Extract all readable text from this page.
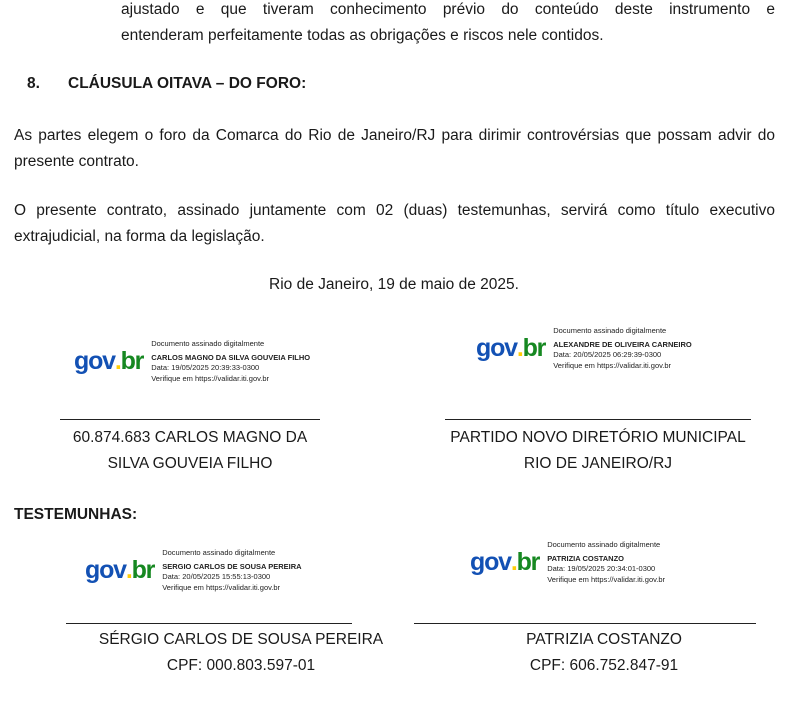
ajustado e que tiveram conhecimento prévio do conteúdo deste instrumento e
entenderam perfeitamente todas as obrigações e riscos nele contidos.
8. CLÁUSULA OITAVA – DO FORO:
As partes elegem o foro da Comarca do Rio de Janeiro/RJ para dirimir controvérsias que possam advir do presente contrato.
O presente contrato, assinado juntamente com 02 (duas) testemunhas, servirá como título executivo extrajudicial, na forma da legislação.
Rio de Janeiro, 19 de maio de 2025.
gov . br
Documento assinado digitalmente
CARLOS MAGNO DA SILVA GOUVEIA FILHO
Data: 19/05/2025 20:39:33-0300
Verifique em https://validar.iti.gov.br
gov . br
Documento assinado digitalmente
ALEXANDRE DE OLIVEIRA CARNEIRO
Data: 20/05/2025 06:29:39-0300
Verifique em https://validar.iti.gov.br
60.874.683 CARLOS MAGNO DA
SILVA GOUVEIA FILHO
PARTIDO NOVO DIRETÓRIO MUNICIPAL
RIO DE JANEIRO/RJ
TESTEMUNHAS:
gov . br
Documento assinado digitalmente
SERGIO CARLOS DE SOUSA PEREIRA
Data: 20/05/2025 15:55:13-0300
Verifique em https://validar.iti.gov.br
gov . br
Documento assinado digitalmente
PATRIZIA COSTANZO
Data: 19/05/2025 20:34:01-0300
Verifique em https://validar.iti.gov.br
SÉRGIO CARLOS DE SOUSA PEREIRA
CPF: 000.803.597-01
PATRIZIA COSTANZO
CPF: 606.752.847-91
